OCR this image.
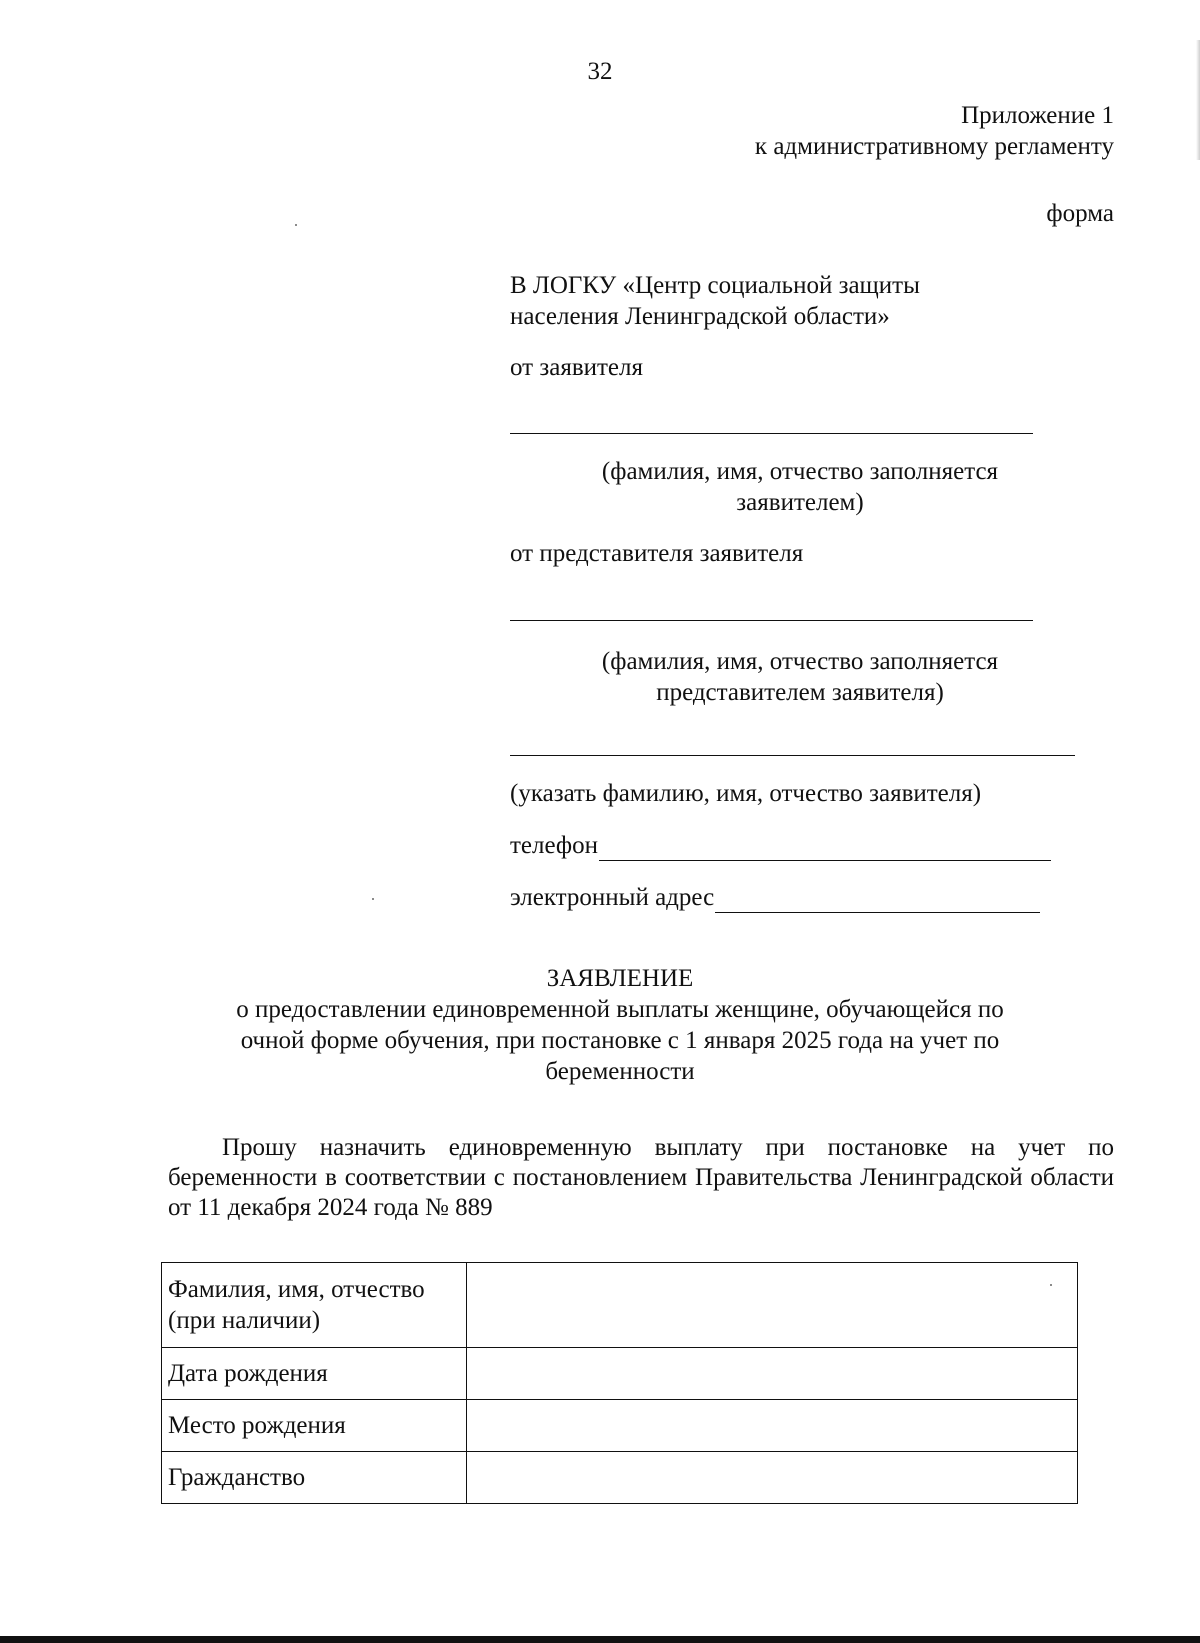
32
Приложение 1
к административному регламенту
форма
В ЛОГКУ «Центр социальной защиты
населения Ленинградской области»
от заявителя
(фамилия, имя, отчество заполняется
заявителем)
от представителя заявителя
(фамилия, имя, отчество заполняется
представителем заявителя)
(указать фамилию, имя, отчество заявителя)
телефон
электронный адрес
ЗАЯВЛЕНИЕ
о предоставлении единовременной выплаты женщине, обучающейся по
очной форме обучения, при постановке с 1 января 2025 года на учет по
беременности
Прошу назначить единовременную выплату при постановке на учет по беременности в соответствии с постановлением Правительства Ленинградской области от 11 декабря 2024 года № 889
Фамилия, имя, отчество
(при наличии)	

Дата рождения	
Место рождения	
Гражданство	
